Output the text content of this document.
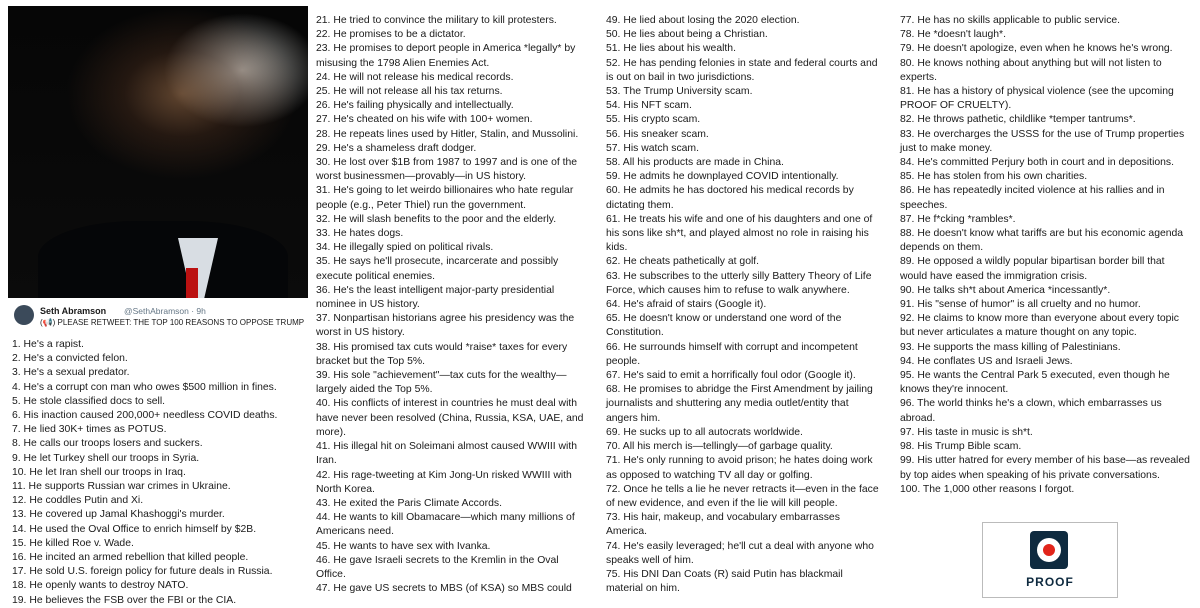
Seth Abramson @SethAbramson · 9h
(📢) PLEASE RETWEET: THE TOP 100 REASONS TO OPPOSE TRUMP

1. He's a rapist.

2. He's a convicted felon.

3. He's a sexual predator.

4. He's a corrupt con man who owes $500 million in fines.

5. He stole classified docs to sell.

6. His inaction caused 200,000+ needless COVID deaths.

7. He lied 30K+ times as POTUS.

8. He calls our troops losers and suckers.

9. He let Turkey shell our troops in Syria.

10. He let Iran shell our troops in Iraq.

11. He supports Russian war crimes in Ukraine.

12. He coddles Putin and Xi.

13. He covered up Jamal Khashoggi's murder.

14. He used the Oval Office to enrich himself by $2B.

15. He killed Roe v. Wade.

16. He incited an armed rebellion that killed people.

17. He sold U.S. foreign policy for future deals in Russia.

18. He openly wants to destroy NATO.

19. He believes the FSB over the FBI or the CIA.

21. He tried to convince the military to kill protesters.

22. He promises to be a dictator.

23. He promises to deport people in America *legally* by misusing the 1798 Alien Enemies Act.

24. He will not release his medical records.

25. He will not release all his tax returns.

26. He's failing physically and intellectually.

27. He's cheated on his wife with 100+ women.

28. He repeats lines used by Hitler, Stalin, and Mussolini.

29. He's a shameless draft dodger.

30. He lost over $1B from 1987 to 1997 and is one of the worst businessmen—provably—in US history.

31. He's going to let weirdo billionaires who hate regular people (e.g., Peter Thiel) run the government.

32. He will slash benefits to the poor and the elderly.

33. He hates dogs.

34. He illegally spied on political rivals.

35. He says he'll prosecute, incarcerate and possibly execute political enemies.

36. He's the least intelligent major-party presidential nominee in US history.

37. Nonpartisan historians agree his presidency was the worst in US history.

38. His promised tax cuts would *raise* taxes for every bracket but the Top 5%.

39. His sole "achievement"—tax cuts for the wealthy—largely aided the Top 5%.

40. His conflicts of interest in countries he must deal with have never been resolved (China, Russia, KSA, UAE, and more).

41. His illegal hit on Soleimani almost caused WWIII with Iran.

42. His rage-tweeting at Kim Jong-Un risked WWIII with North Korea.

43. He exited the Paris Climate Accords.

44. He wants to kill Obamacare—which many millions of Americans need.

45. He wants to have sex with Ivanka.

46. He gave Israeli secrets to the Kremlin in the Oval Office.

47. He gave US secrets to MBS (of KSA) so MBS could

49. He lied about losing the 2020 election.

50. He lies about being a Christian.

51. He lies about his wealth.

52. He has pending felonies in state and federal courts and is out on bail in two jurisdictions.

53. The Trump University scam.

54. His NFT scam.

55. His crypto scam.

56. His sneaker scam.

57. His watch scam.

58. All his products are made in China.

59. He admits he downplayed COVID intentionally.

60. He admits he has doctored his medical records by dictating them.

61. He treats his wife and one of his daughters and one of his sons like sh*t, and played almost no role in raising his kids.

62. He cheats pathetically at golf.

63. He subscribes to the utterly silly Battery Theory of Life Force, which causes him to refuse to walk anywhere.

64. He's afraid of stairs (Google it).

65. He doesn't know or understand one word of the Constitution.

66. He surrounds himself with corrupt and incompetent people.

67. He's said to emit a horrifically foul odor (Google it).

68. He promises to abridge the First Amendment by jailing journalists and shuttering any media outlet/entity that angers him.

69. He sucks up to all autocrats worldwide.

70. All his merch is—tellingly—of garbage quality.

71. He's only running to avoid prison; he hates doing work as opposed to watching TV all day or golfing.

72. Once he tells a lie he never retracts it—even in the face of new evidence, and even if the lie will kill people.

73. His hair, makeup, and vocabulary embarrasses America.

74. He's easily leveraged; he'll cut a deal with anyone who speaks well of him.

75. His DNI Dan Coats (R) said Putin has blackmail material on him.

77. He has no skills applicable to public service.

78. He *doesn't laugh*.

79. He doesn't apologize, even when he knows he's wrong.

80. He knows nothing about anything but will not listen to experts.

81. He has a history of physical violence (see the upcoming PROOF OF CRUELTY).

82. He throws pathetic, childlike *temper tantrums*.

83. He overcharges the USSS for the use of Trump properties just to make money.

84. He's committed Perjury both in court and in depositions.

85. He has stolen from his own charities.

86. He has repeatedly incited violence at his rallies and in speeches.

87. He f*cking *rambles*.

88. He doesn't know what tariffs are but his economic agenda depends on them.

89. He opposed a wildly popular bipartisan border bill that would have eased the immigration crisis.

90. He talks sh*t about America *incessantly*.

91. His "sense of humor" is all cruelty and no humor.

92. He claims to know more than everyone about every topic but never articulates a mature thought on any topic.

93. He supports the mass killing of Palestinians.

94. He conflates US and Israeli Jews.

95. He wants the Central Park 5 executed, even though he knows they're innocent.

96. The world thinks he's a clown, which embarrasses us abroad.

97. His taste in music is sh*t.

98. His Trump Bible scam.

99. His utter hatred for every member of his base—as revealed by top aides when speaking of his private conversations.

100. The 1,000 other reasons I forgot.

PROOF
